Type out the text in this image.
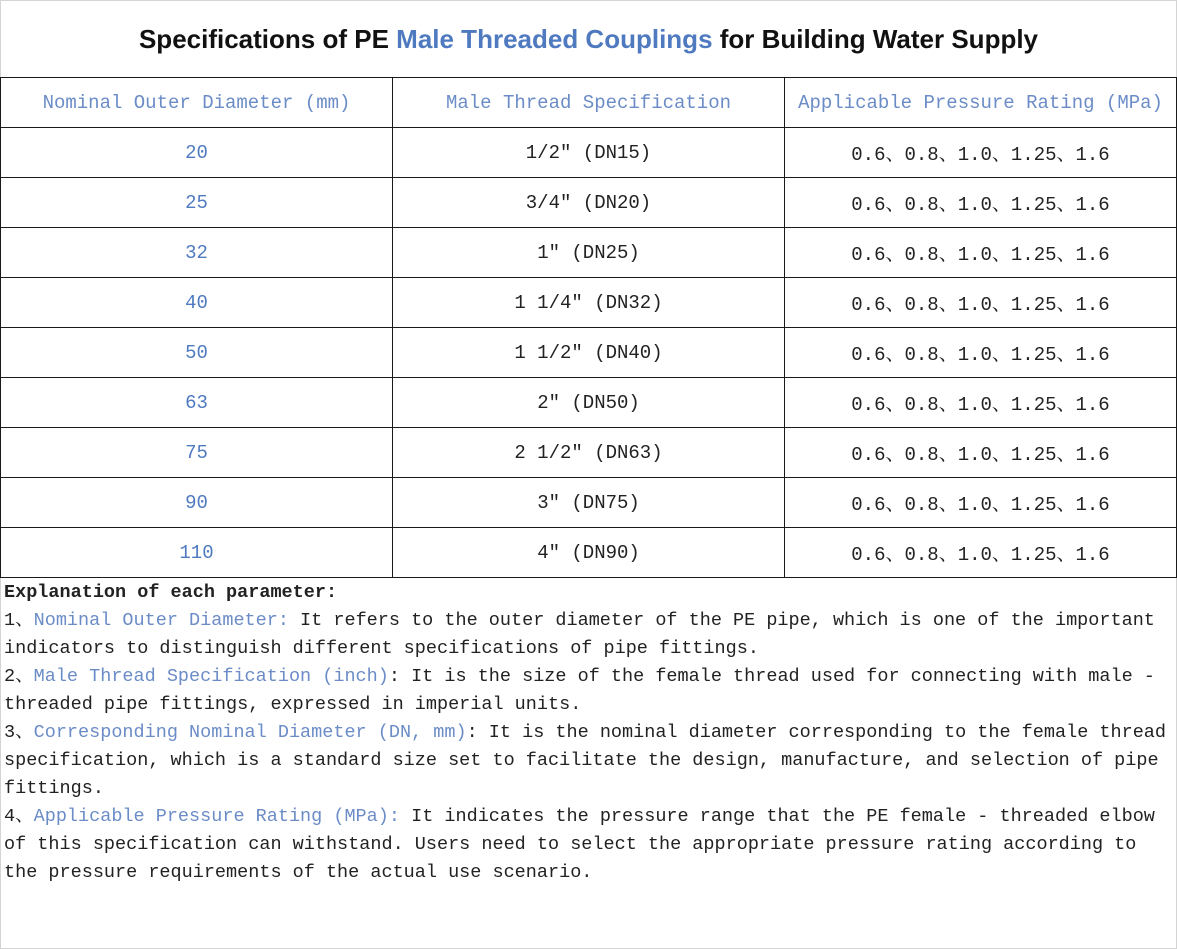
Specifications of PE
Male Threaded Couplings
for Building Water Supply
Nominal Outer Diameter (mm)	Male Thread Specification	Applicable Pressure Rating (MPa)
20	1/2″ (DN15)	0.6、0.8、1.0、1.25、1.6
25	3/4″ (DN20)	0.6、0.8、1.0、1.25、1.6
32	1″ (DN25)	0.6、0.8、1.0、1.25、1.6
40	1 1/4″ (DN32)	0.6、0.8、1.0、1.25、1.6
50	1 1/2″ (DN40)	0.6、0.8、1.0、1.25、1.6
63	2″ (DN50)	0.6、0.8、1.0、1.25、1.6
75	2 1/2″ (DN63)	0.6、0.8、1.0、1.25、1.6
90	3″ (DN75)	0.6、0.8、1.0、1.25、1.6
110	4″ (DN90)	0.6、0.8、1.0、1.25、1.6

Explanation of each parameter:

1、Nominal Outer Diameter: It refers to the outer diameter of the PE pipe, which is one of the important indicators to distinguish different specifications of pipe fittings.

2、Male Thread Specification (inch): It is the size of the female thread used for connecting with male - threaded pipe fittings, expressed in imperial units.

3、Corresponding Nominal Diameter (DN, mm): It is the nominal diameter corresponding to the female thread specification, which is a standard size set to facilitate the design, manufacture, and selection of pipe fittings.

4、Applicable Pressure Rating (MPa): It indicates the pressure range that the PE female - threaded elbow of this specification can withstand. Users need to select the appropriate pressure rating according to the pressure requirements of the actual use scenario.
